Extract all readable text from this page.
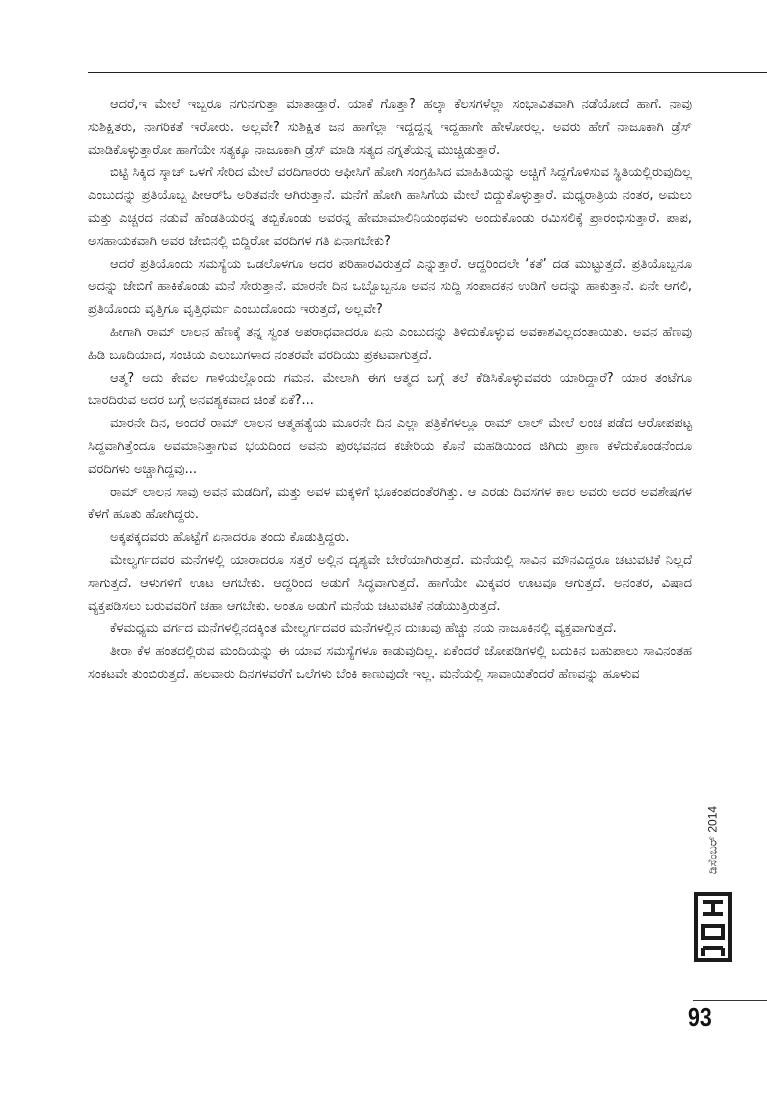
ಆದರೆ,ಇ ಮೇಲೆ ಇಬ್ಬರೂ ನಗುನಗುತ್ತಾ ಮಾತಾಡ್ತಾರೆ. ಯಾಕೆ ಗೊತ್ತಾ? ಹಲ್ಕಾ ಕೆಲಸಗಳೆಲ್ಲಾ ಸಂಭಾವಿತವಾಗಿ ನಡೆಯೋದೆ ಹಾಗೆ. ನಾವು ಸುಶಿಕ್ಷಿತರು, ನಾಗರಿಕತೆ ಇರೋರು. ಅಲ್ಲವೇ? ಸುಶಿಕ್ಷಿತ ಜನ ಹಾಗೆಲ್ಲಾ ಇದ್ದದ್ದನ್ನ ಇದ್ದಹಾಗೇ ಹೇಳೋರಲ್ಲ. ಅವರು ಹೇಗೆ ನಾಜೂಕಾಗಿ ಡ್ರೆಸ್ ಮಾಡಿಕೊಳ್ಳುತ್ತಾರೋ ಹಾಗೆಯೇ ಸತ್ಯಕ್ಕೂ ನಾಜೂಕಾಗಿ ಡ್ರೆಸ್ ಮಾಡಿ ಸತ್ಯದ ನಗ್ನತೆಯನ್ನ ಮುಚ್ಚಿಡುತ್ತಾರೆ.

ಬಿಟ್ಟಿ ಸಿಕ್ಕಿದ ಸ್ಕಾಚ್ ಒಳಗೆ ಸೇರಿದ ಮೇಲೆ ವರದಿಗಾರರು ಆಫೀಸಿಗೆ ಹೋಗಿ ಸಂಗ್ರಹಿಸಿದ ಮಾಹಿತಿಯನ್ನು ಅಚ್ಚಿಗೆ ಸಿದ್ದಗೊಳಿಸುವ ಸ್ಥಿತಿಯಲ್ಲಿರುವುದಿಲ್ಲ ಎಂಬುದನ್ನು ಪ್ರತಿಯೊಬ್ಬ ಪೀಆರ್‌ಓ ಅರಿತವನೇ ಆಗಿರುತ್ತಾನೆ. ಮನೆಗೆ ಹೋಗಿ ಹಾಸಿಗೆಯ ಮೇಲೆ ಬಿದ್ದುಕೊಳ್ಳುತ್ತಾರೆ. ಮಧ್ಯರಾತ್ರಿಯ ನಂತರ, ಅಮಲು ಮತ್ತು ಎಚ್ಚರದ ನಡುವೆ ಹೆಂಡತಿಯರನ್ನ ತಬ್ಬಿಕೊಂಡು ಅವರನ್ನ ಹೇಮಾಮಾಲಿನಿಯಂಥವಳು ಅಂದುಕೊಂಡು ರಮಿಸಲಿಕ್ಕೆ ಪ್ರಾರಂಭಿಸುತ್ತಾರೆ. ಪಾಪ, ಅಸಹಾಯಕವಾಗಿ ಅವರ ಜೇಬಿನಲ್ಲಿ ಬಿದ್ದಿರೋ ವರದಿಗಳ ಗತಿ ಏನಾಗಬೇಕು?

ಆದರೆ ಪ್ರತಿಯೊಂದು ಸಮಸ್ಯೆಯ ಒಡಲೊಳಗೂ ಅದರ ಪರಿಹಾರವಿರುತ್ತದೆ ಎನ್ನುತ್ತಾರೆ. ಆದ್ದರಿಂದಲೇ ‘ಕತೆ’ ದಡ ಮುಟ್ಟುತ್ತದೆ. ಪ್ರತಿಯೊಬ್ಬನೂ ಅದನ್ನು ಜೇಬಿಗೆ ಹಾಕಿಕೊಂಡು ಮನೆ ಸೇರುತ್ತಾನೆ. ಮಾರನೇ ದಿನ ಒಬ್ಬೊಬ್ಬನೂ ಅವನ ಸುದ್ದಿ ಸಂಪಾದಕನ ಉಡಿಗೆ ಅದನ್ನು ಹಾಕುತ್ತಾನೆ. ಏನೇ ಆಗಲಿ, ಪ್ರತಿಯೊಂದು ವೃತ್ತಿಗೂ ವೃತ್ತಿಧರ್ಮ ಎಂಬುದೊಂದು ಇರುತ್ತದೆ, ಅಲ್ಲವೇ?

ಹೀಗಾಗಿ ರಾಮ್ ಲಾಲನ ಹೆಣಕ್ಕೆ ತನ್ನ ಸ್ವಂತ ಅಪರಾಧವಾದರೂ ಏನು ಎಂಬುದನ್ನು ತಿಳಿದುಕೊಳ್ಳುವ ಅವಕಾಶವಿಲ್ಲದಂತಾಯಿತು. ಅವನ ಹೆಣವು ಹಿಡಿ ಬೂದಿಯಾದ, ಸಂಚಿಯ ಎಲುಬುಗಳಾದ ನಂತರವೇ ವರದಿಯು ಪ್ರಕಟವಾಗುತ್ತದೆ.

ಆತ್ಮ? ಅದು ಕೇವಲ ಗಾಳಿಯಲ್ಲೊಂದು ಗಮನ. ಮೇಲಾಗಿ ಈಗ ಆತ್ಮದ ಬಗ್ಗೆ ತಲೆ ಕೆಡಿಸಿಕೊಳ್ಳುವವರು ಯಾರಿದ್ದಾರೆ? ಯಾರ ತಂಟೆಗೂ ಬಾರದಿರುವ ಅದರ ಬಗ್ಗೆ ಅನವಶ್ಯಕವಾದ ಚಿಂತೆ ಏಕೆ?...

ಮಾರನೇ ದಿನ, ಅಂದರೆ ರಾಮ್ ಲಾಲನ ಆತ್ಮಹತ್ಯೆಯ ಮೂರನೇ ದಿನ ಎಲ್ಲಾ ಪತ್ರಿಕೆಗಳಲ್ಲೂ ರಾಮ್ ಲಾಲ್ ಮೇಲೆ ಲಂಚ ಪಡೆದ ಆರೋಪಪಟ್ಟ ಸಿದ್ದವಾಗಿತ್ತೆಂದೂ ಅವಮಾನಿತ್ತಾಗುವ ಭಯದಿಂದ ಅವನು ಪುರಭವನದ ಕಚೇರಿಯ ಕೊನೆ ಮಹಡಿಯಿಂದ ಜಿಗಿದು ಪ್ರಾಣ ಕಳೆದುಕೊಂಡನೆಂದೂ ವರದಿಗಳು ಅಚ್ಚಾಗಿದ್ದವು...

ರಾಮ್ ಲಾಲನ ಸಾವು ಅವನ ಮಡದಿಗೆ, ಮತ್ತು ಅವಳ ಮಕ್ಕಳಿಗೆ ಭೂಕಂಪದಂತೆರಗಿತ್ತು. ಆ ಎರಡು ದಿವಸಗಳ ಕಾಲ ಅವರು ಅದರ ಅವಶೇಷಗಳ ಕೆಳಗೆ ಹೂತು ಹೋಗಿದ್ದರು.

ಅಕ್ಕಪಕ್ಕದವರು ಹೊಟ್ಟೆಗೆ ಏನಾದರೂ ತಂದು ಕೊಡುತ್ತಿದ್ದರು.

ಮೇಲ್ವರ್ಗದವರ ಮನೆಗಳಲ್ಲಿ ಯಾರಾದರೂ ಸತ್ತರೆ ಅಲ್ಲಿನ ದೃಶ್ಯವೇ ಬೇರೆಯಾಗಿರುತ್ತದೆ. ಮನೆಯಲ್ಲಿ ಸಾವಿನ ಮೌನವಿದ್ದರೂ ಚಟುವಟಿಕೆ ನಿಲ್ಲದೆ ಸಾಗುತ್ತದೆ. ಆಳುಗಳಿಗೆ ಊಟ ಆಗಬೇಕು. ಆದ್ದರಿಂದ ಅಡುಗೆ ಸಿದ್ಧವಾಗುತ್ತದೆ. ಹಾಗೆಯೇ ಮಿಕ್ಕವರ ಊಟವೂ ಆಗುತ್ತದೆ. ಅನಂತರ, ವಿಷಾದ ವ್ಯಕ್ತಪಡಿಸಲು ಬರುವವರಿಗೆ ಚಹಾ ಆಗಬೇಕು. ಅಂತೂ ಅಡುಗೆ ಮನೆಯ ಚಟುವಟಿಕೆ ನಡೆಯುತ್ತಿರುತ್ತದೆ.

ಕೆಳಮಧ್ಯಮ ವರ್ಗದ ಮನೆಗಳಲ್ಲಿನದಕ್ಕಿಂತ ಮೇಲ್ವರ್ಗದವರ ಮನೆಗಳಲ್ಲಿನ ದುಃಖವು ಹೆಚ್ಚು ನಯ ನಾಜೂಕಿನಲ್ಲಿ ವ್ಯಕ್ತವಾಗುತ್ತದೆ.

ತೀರಾ ಕೆಳ ಹಂತದಲ್ಲಿರುವ ಮಂದಿಯನ್ನು ಈ ಯಾವ ಸಮಸ್ಯೆಗಳೂ ಕಾಡುವುದಿಲ್ಲ. ಏಕೆಂದರೆ ಜೋಪಡಿಗಳಲ್ಲಿ ಬದುಕಿನ ಬಹುಪಾಲು ಸಾವಿನಂತಹ ಸಂಕಟವೇ ತುಂಬಿರುತ್ತದೆ. ಹಲವಾರು ದಿನಗಳವರೆಗೆ ಒಲೆಗಳು ಬೆಂಕಿ ಕಾಣುವುದೇ ಇಲ್ಲ. ಮನೆಯಲ್ಲಿ ಸಾವಾಯಿತೆಂದರೆ ಹೆಣವನ್ನು ಹೂಳುವ

ಡಿಸೆಂಬರ್ 2014
93
